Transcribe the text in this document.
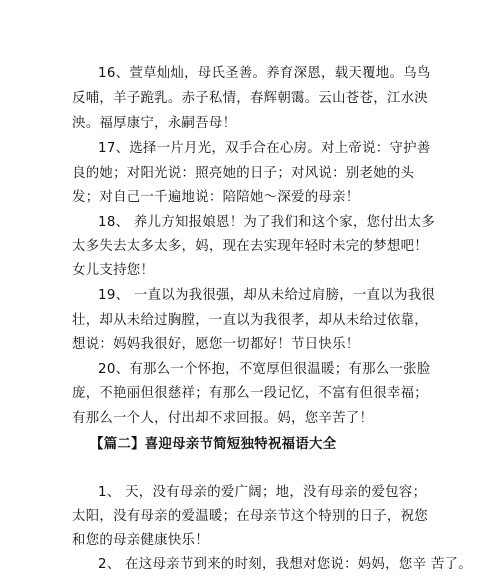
16、萱草灿灿，母氏圣善。养育深恩，载天覆地。乌鸟
反哺，羊子跪乳。赤子私情，春辉朝霭。云山苍苍，江水泱
泱。福厚康宁，永嗣吾母！
17、选择一片月光，双手合在心房。对上帝说：守护善
良的她；对阳光说：照亮她的日子；对风说：别老她的头
发；对自己一千遍地说：陪陪她～深爱的母亲！
18、 养儿方知报娘恩！为了我们和这个家，您付出太多
太多失去太多太多，妈，现在去实现年轻时未完的梦想吧！
女儿支持您！
19、 一直以为我很强，却从未给过肩膀，一直以为我很
壮，却从未给过胸膛，一直以为我很孝，却从未给过依靠，
想说：妈妈我很好，愿您一切都好！节日快乐！
20、有那么一个怀抱，不宽厚但很温暖；有那么一张脸
庞，不艳丽但很慈祥；有那么一段记忆，不富有但很幸福；
有那么一个人，付出却不求回报。妈，您辛苦了！
【篇二】喜迎母亲节简短独特祝福语大全
1、 天，没有母亲的爱广阔；地，没有母亲的爱包容；
太阳，没有母亲的爱温暖；在母亲节这个特别的日子，祝您
和您的母亲健康快乐！
2、 在这母亲节到来的时刻，我想对您说：妈妈，您辛 苦了。
